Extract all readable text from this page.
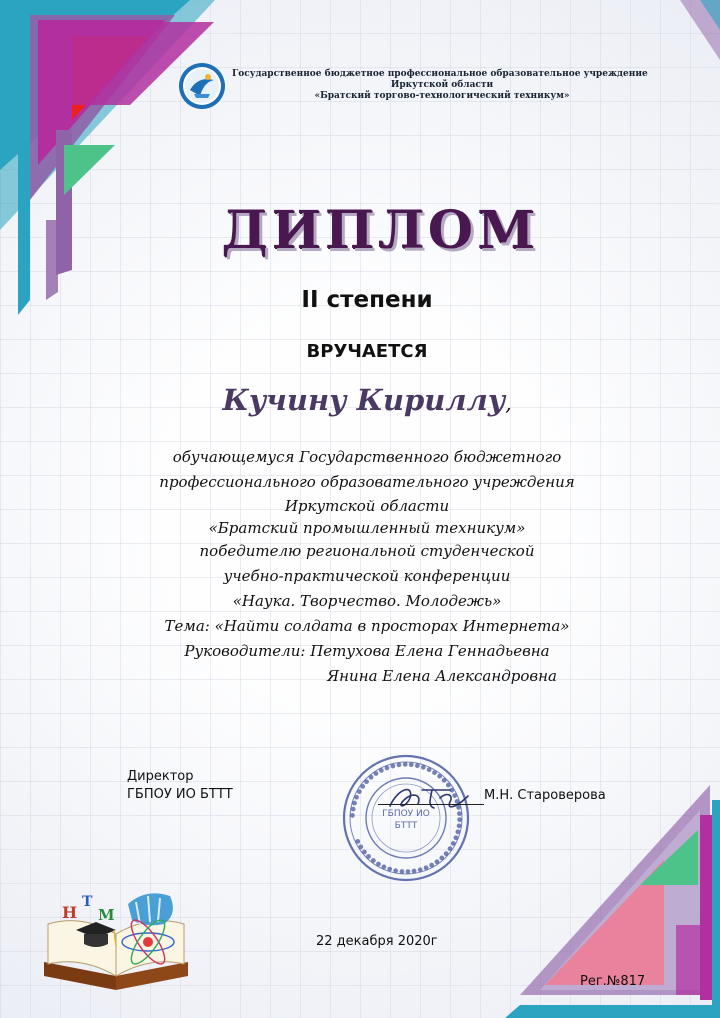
Государственное бюджетное профессиональное образовательное учреждение
Иркутской области
«Братский торгово-технологический техникум»
ДИПЛОМ
II степени
ВРУЧАЕТСЯ
Кучину Кириллу,
обучающемуся Государственного бюджетного
профессионального образовательного учреждения
Иркутской области
«Братский промышленный техникум»
победителю региональной студенческой
учебно-практической конференции
«Наука. Творчество. Молодежь»
Тема: «Найти солдата в просторах Интернета»
Руководители: Петухова Елена Геннадьевна
Янина Елена Александровна
●●●●●●●●●●●●●●●●●●●●●●●●●●●●●●●●●●●●●●●●●●●●●●●●●●●
ГБПОУ ИО
БТТТ
Директор
ГБПОУ ИО БТТТ	М.Н. Староверова
Н
Т
М
22 декабря 2020г
Рег.№817
